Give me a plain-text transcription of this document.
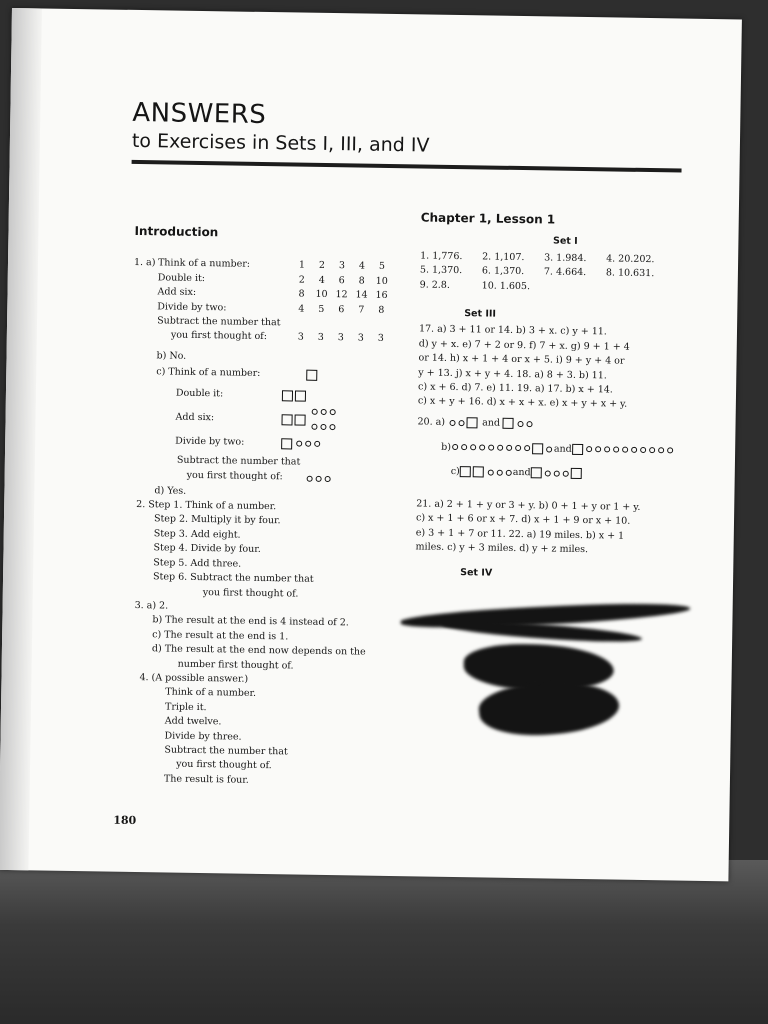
ANSWERS
to Exercises in Sets I, III, and IV
Introduction
1. a) Think of a number:	1	2	3	4	5
Double it:	2	4	6	8	10
Add six:	8	10	12	14	16
Divide by two:	4	5	6	7	8
Subtract the number that					
you first thought of:	3	3	3	3	3
b) No.
c) Think of a number:
Double it:
Add six:
Divide by two:
Subtract the number that
you first thought of:
d) Yes.
2. Step 1. Think of a number.
Step 2. Multiply it by four.
Step 3. Add eight.
Step 4. Divide by four.
Step 5. Add three.
Step 6. Subtract the number that
you first thought of.
3. a) 2.
b) The result at the end is 4 instead of 2.
c) The result at the end is 1.
d) The result at the end now depends on the
number first thought of.
4. (A possible answer.)
Think of a number.
Triple it.
Add twelve.
Divide by three.
Subtract the number that
you first thought of.
The result is four.
Chapter 1, Lesson 1
Set I
1. 1,776.	2. 1,107.	3. 1.984.	4. 20.202.
5. 1,370.	6. 1,370.	7. 4.664.	8. 10.631.
9. 2.8.	10. 1.605.
Set III
17. a) 3 + 11 or 14. b) 3 + x. c) y + 11.
d) y + x. e) 7 + 2 or 9. f) 7 + x. g) 9 + 1 + 4
or 14. h) x + 1 + 4 or x + 5. i) 9 + y + 4 or
y + 13. j) x + y + 4. 18. a) 8 + 3. b) 11.
c) x + 6. d) 7. e) 11. 19. a) 17. b) x + 14.
c) x + y + 16. d) x + x + x. e) x + y + x + y.
20. a)

	and

b)	and
c)	and
21. a) 2 + 1 + y or 3 + y. b) 0 + 1 + y or 1 + y.
c) x + 1 + 6 or x + 7. d) x + 1 + 9 or x + 10.
e) 3 + 1 + 7 or 11. 22. a) 19 miles. b) x + 1
miles. c) y + 3 miles. d) y + z miles.
Set IV
180
